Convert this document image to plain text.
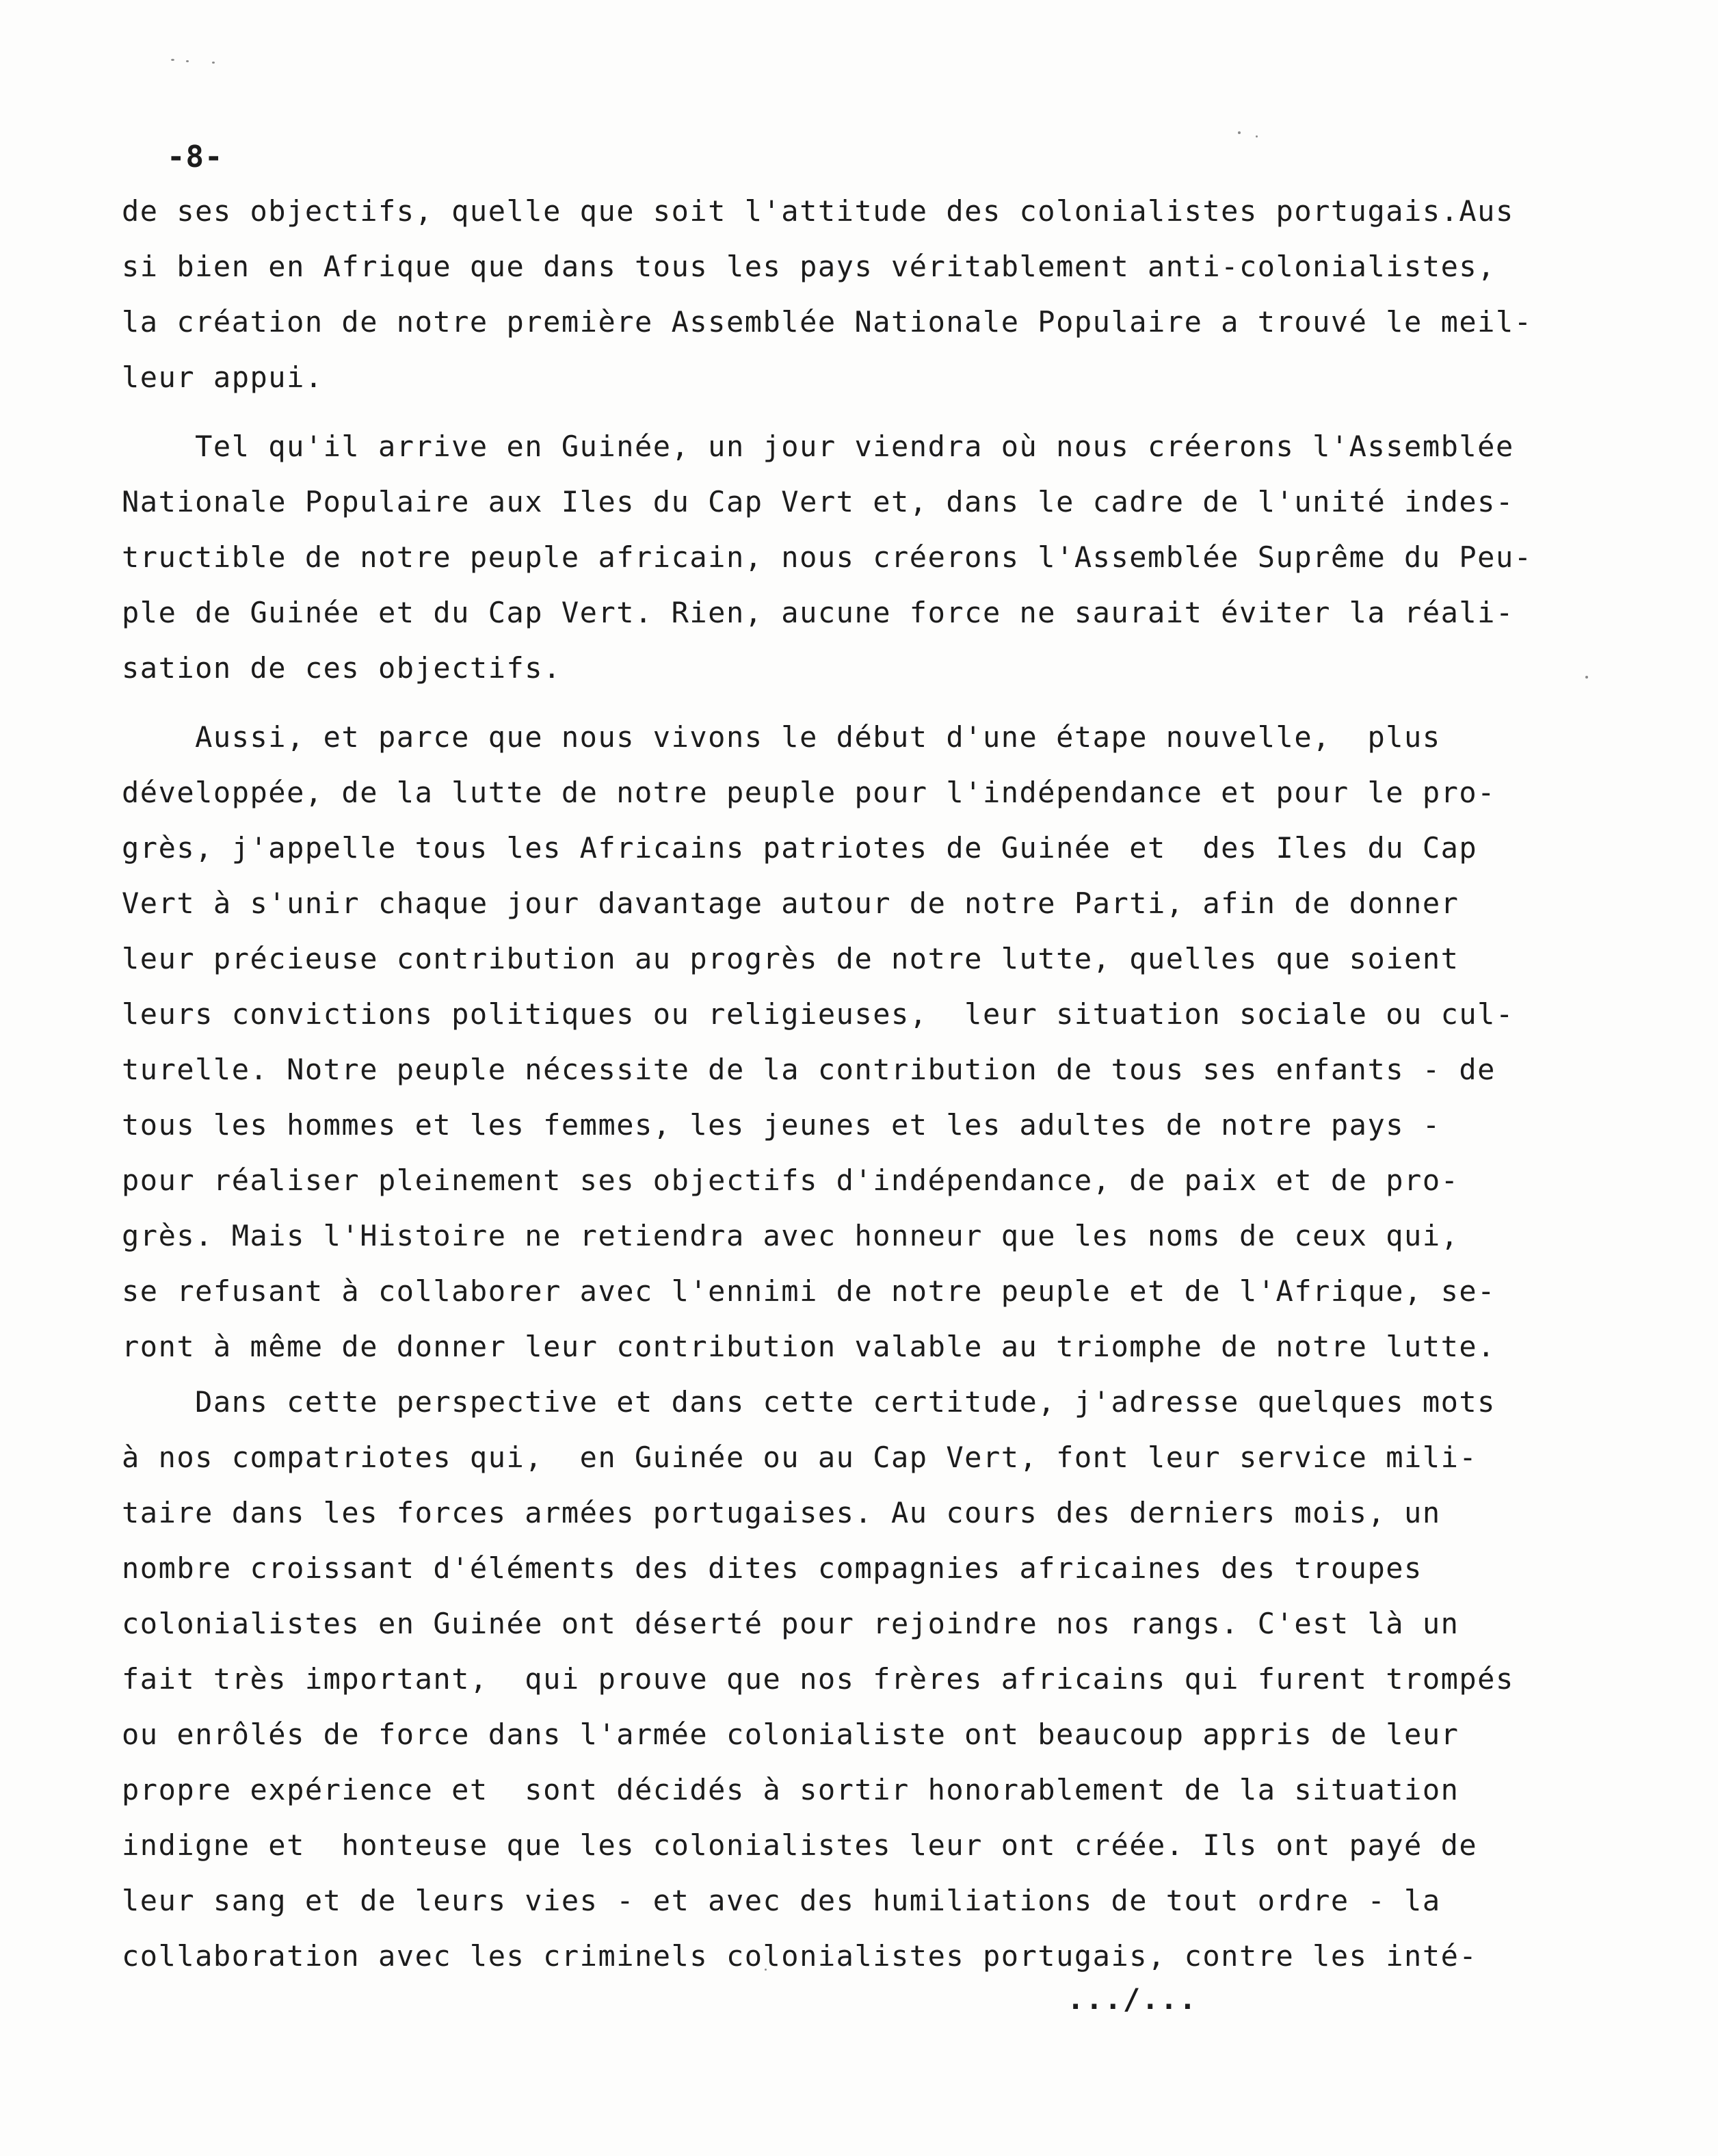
-8-
de ses objectifs, quelle que soit l'attitude des colonialistes portugais.Aus
si bien en Afrique que dans tous les pays véritablement anti-colonialistes,
la création de notre première Assemblée Nationale Populaire a trouvé le meil-
leur appui.
Tel qu'il arrive en Guinée, un jour viendra où nous créerons l'Assemblée
Nationale Populaire aux Iles du Cap Vert et, dans le cadre de l'unité indes-
tructible de notre peuple africain, nous créerons l'Assemblée Suprême du Peu-
ple de Guinée et du Cap Vert. Rien, aucune force ne saurait éviter la réali-
sation de ces objectifs.
Aussi, et parce que nous vivons le début d'une étape nouvelle,  plus
développée, de la lutte de notre peuple pour l'indépendance et pour le pro-
grès, j'appelle tous les Africains patriotes de Guinée et  des Iles du Cap
Vert à s'unir chaque jour davantage autour de notre Parti, afin de donner
leur précieuse contribution au progrès de notre lutte, quelles que soient
leurs convictions politiques ou religieuses,  leur situation sociale ou cul-
turelle. Notre peuple nécessite de la contribution de tous ses enfants - de
tous les hommes et les femmes, les jeunes et les adultes de notre pays -
pour réaliser pleinement ses objectifs d'indépendance, de paix et de pro-
grès. Mais l'Histoire ne retiendra avec honneur que les noms de ceux qui,
se refusant à collaborer avec l'ennimi de notre peuple et de l'Afrique, se-
ront à même de donner leur contribution valable au triomphe de notre lutte.
Dans cette perspective et dans cette certitude, j'adresse quelques mots
à nos compatriotes qui,  en Guinée ou au Cap Vert, font leur service mili-
taire dans les forces armées portugaises. Au cours des derniers mois, un
nombre croissant d'éléments des dites compagnies africaines des troupes
colonialistes en Guinée ont déserté pour rejoindre nos rangs. C'est là un
fait très important,  qui prouve que nos frères africains qui furent trompés
ou enrôlés de force dans l'armée colonialiste ont beaucoup appris de leur
propre expérience et  sont décidés à sortir honorablement de la situation
indigne et  honteuse que les colonialistes leur ont créée. Ils ont payé de
leur sang et de leurs vies - et avec des humiliations de tout ordre - la
collaboration avec les criminels colonialistes portugais, contre les inté-
.../...
